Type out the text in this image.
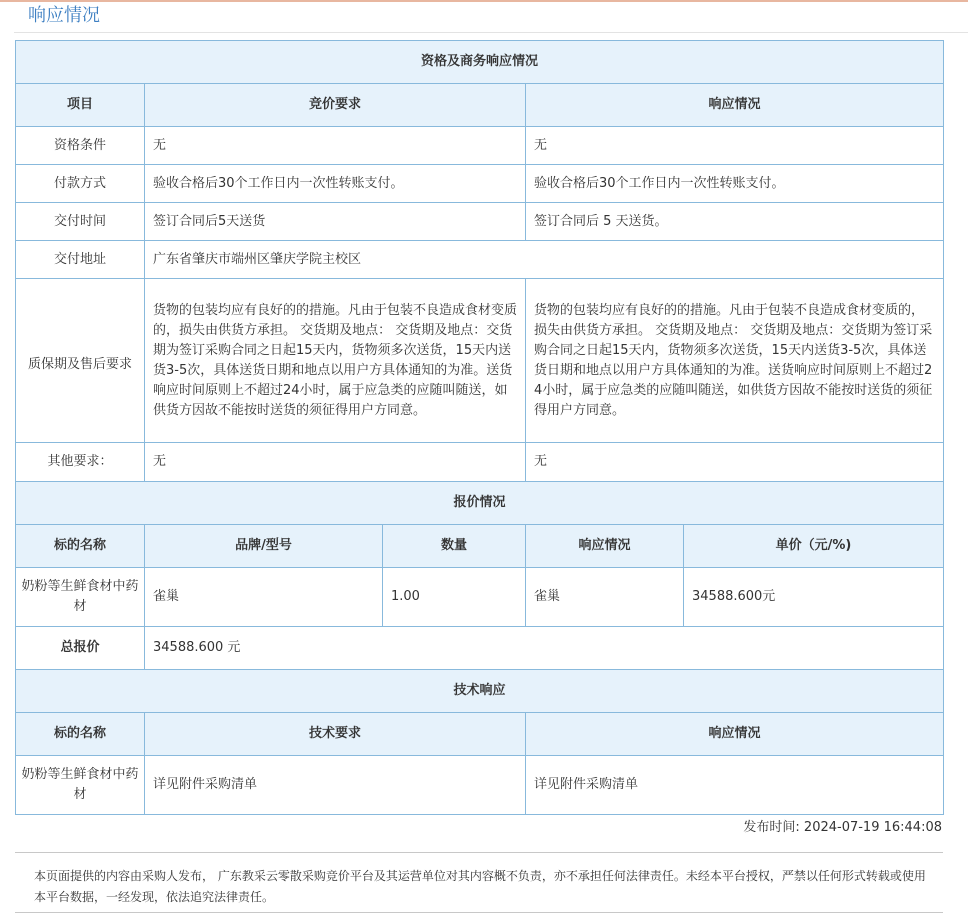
响应情况
资格及商务响应情况		
项目	竞价要求	响应情况
资格条件	无	无
付款方式	验收合格后30个工作日内一次性转账支付。	验收合格后30个工作日内一次性转账支付。
交付时间	签订合同后5天送货	签订合同后 5 天送货。
交付地址	广东省肇庆市端州区肇庆学院主校区	
质保期及售后要求	货物的包装均应有良好的的措施。凡由于包装不良造成食材变质的，损失由供货方承担。 交货期及地点： 交货期及地点：交货期为签订采购合同之日起15天内，货物须多次送货，15天内送货3-5次，具体送货日期和地点以用户方具体通知的为准。送货响应时间原则上不超过24小时，属于应急类的应随叫随送，如供货方因故不能按时送货的须征得用户方同意。	货物的包装均应有良好的的措施。凡由于包装不良造成食材变质的，损失由供货方承担。 交货期及地点： 交货期及地点：交货期为签订采购合同之日起15天内，货物须多次送货，15天内送货3-5次，具体送货日期和地点以用户方具体通知的为准。送货响应时间原则上不超过24小时，属于应急类的应随叫随送，如供货方因故不能按时送货的须征得用户方同意。
其他要求：	无	无
报价情况				
标的名称	品牌/型号	数量	响应情况	单价（元/%)
奶粉等生鲜食材中药材	雀巢	1.00	雀巢	34588.600元
总报价	34588.600 元			
技术响应		
标的名称	技术要求	响应情况
奶粉等生鲜食材中药材	详见附件采购清单	详见附件采购清单
发布时间: 2024-07-19 16:44:08
本页面提供的内容由采购人发布， 广东教采云零散采购竞价平台及其运营单位对其内容概不负责，亦不承担任何法律责任。未经本平台授权，严禁以任何形式转载或使用本平台数据，一经发现，依法追究法律责任。
